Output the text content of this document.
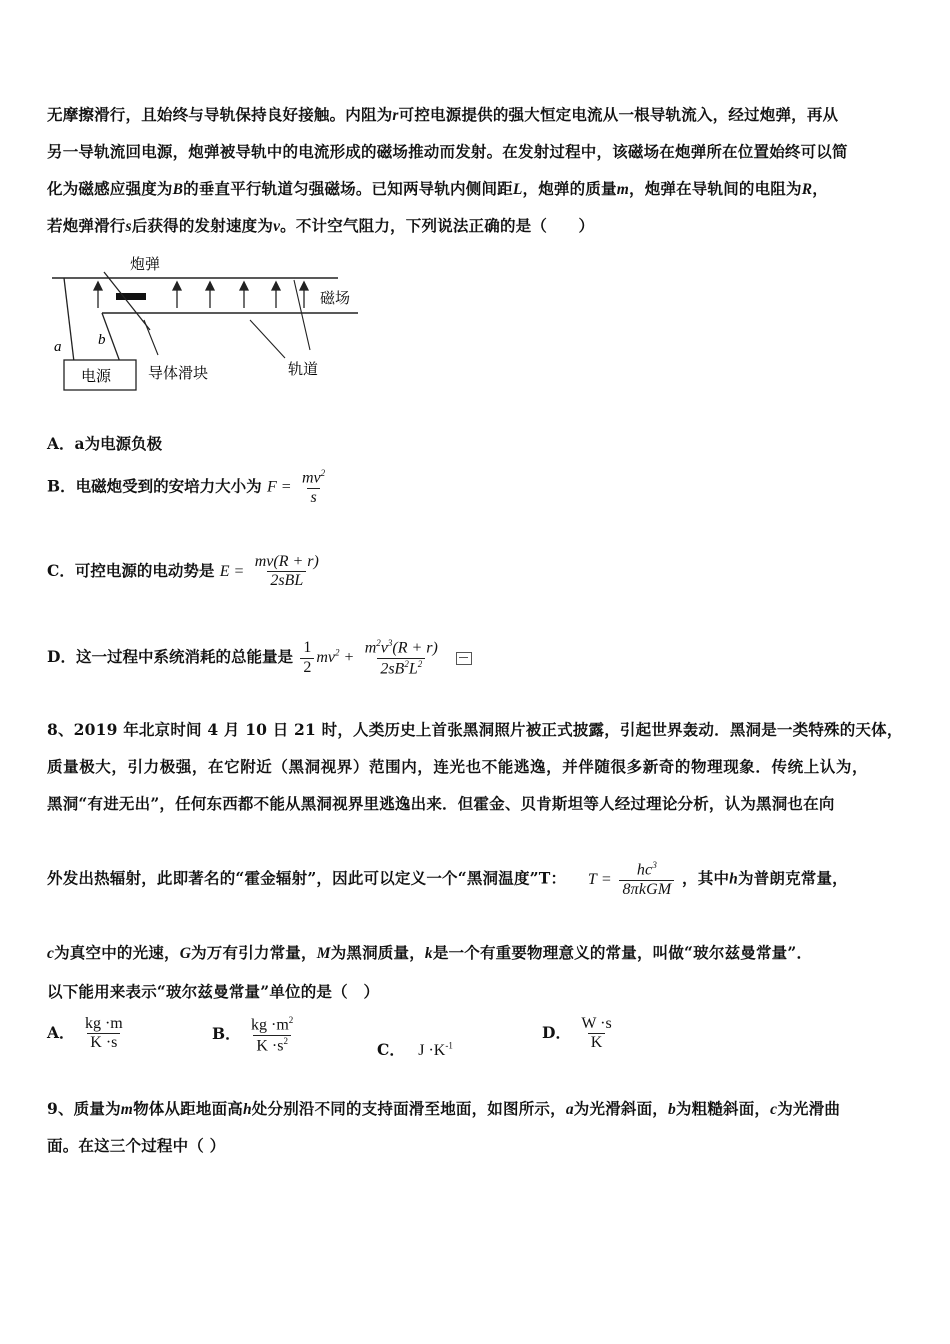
无摩擦滑行，且始终与导轨保持良好接触。内阻为r可控电源提供的强大恒定电流从一根导轨流入，经过炮弹，再从
另一导轨流回电源，炮弹被导轨中的电流形成的磁场推动而发射。在发射过程中，该磁场在炮弹所在位置始终可以简
化为磁感应强度为B的垂直平行轨道匀强磁场。已知两导轨内侧间距L，炮弹的质量m，炮弹在导轨间的电阻为R，
若炮弹滑行s后获得的发射速度为v。不计空气阻力，下列说法正确的是（　　）
电源
a b
炮弹
磁场
导体滑块	轨道
A．a为电源负极
B．电磁炮受到的安培力大小为 $F = \frac{mv^2}{s}$
C．可控电源的电动势是 $E = \frac{mv(R + r)}{\text{2sBL}}$
D．这一过程中系统消耗的总能量是 $\frac{1}{2} mv^2 + \frac{m^2v^3(R + r)}{2sB^2L^2}$

8、2019 年北京时间 4 月 10 日 21 时，人类历史上首张黑洞照片被正式披露，引起世界轰动．黑洞是一类特殊的天体，
质量极大，引力极强，在它附近（黑洞视界）范围内，连光也不能逃逸，并伴随很多新奇的物理现象．传统上认为，
黑洞“有进无出”，任何东西都不能从黑洞视界里逃逸出来．但霍金、贝肯斯坦等人经过理论分析，认为黑洞也在向
外发出热辐射，此即著名的“霍金辐射”，因此可以定义一个“黑洞温度”T： $T = \frac{hc^3}{\text{8πkGM}}$ ，其中h为普朗克常量，
c为真空中的光速，G为万有引力常量，M为黑洞质量，k是一个有重要物理意义的常量，叫做“玻尔兹曼常量”．
以下能用来表示“玻尔兹曼常量”单位的是（　）
A． $\frac{kg \cdot m}{K \cdot s}$	B． $\frac{kg \cdot m^2}{K \cdot s^2}$	C． $J \cdot K^{-1}$
D． $\frac{W \cdot s}{K}$
9、质量为m物体从距地面高h处分别沿不同的支持面滑至地面，如图所示，a为光滑斜面，b为粗糙斜面，c为光滑曲
面。在这三个过程中（ ）
